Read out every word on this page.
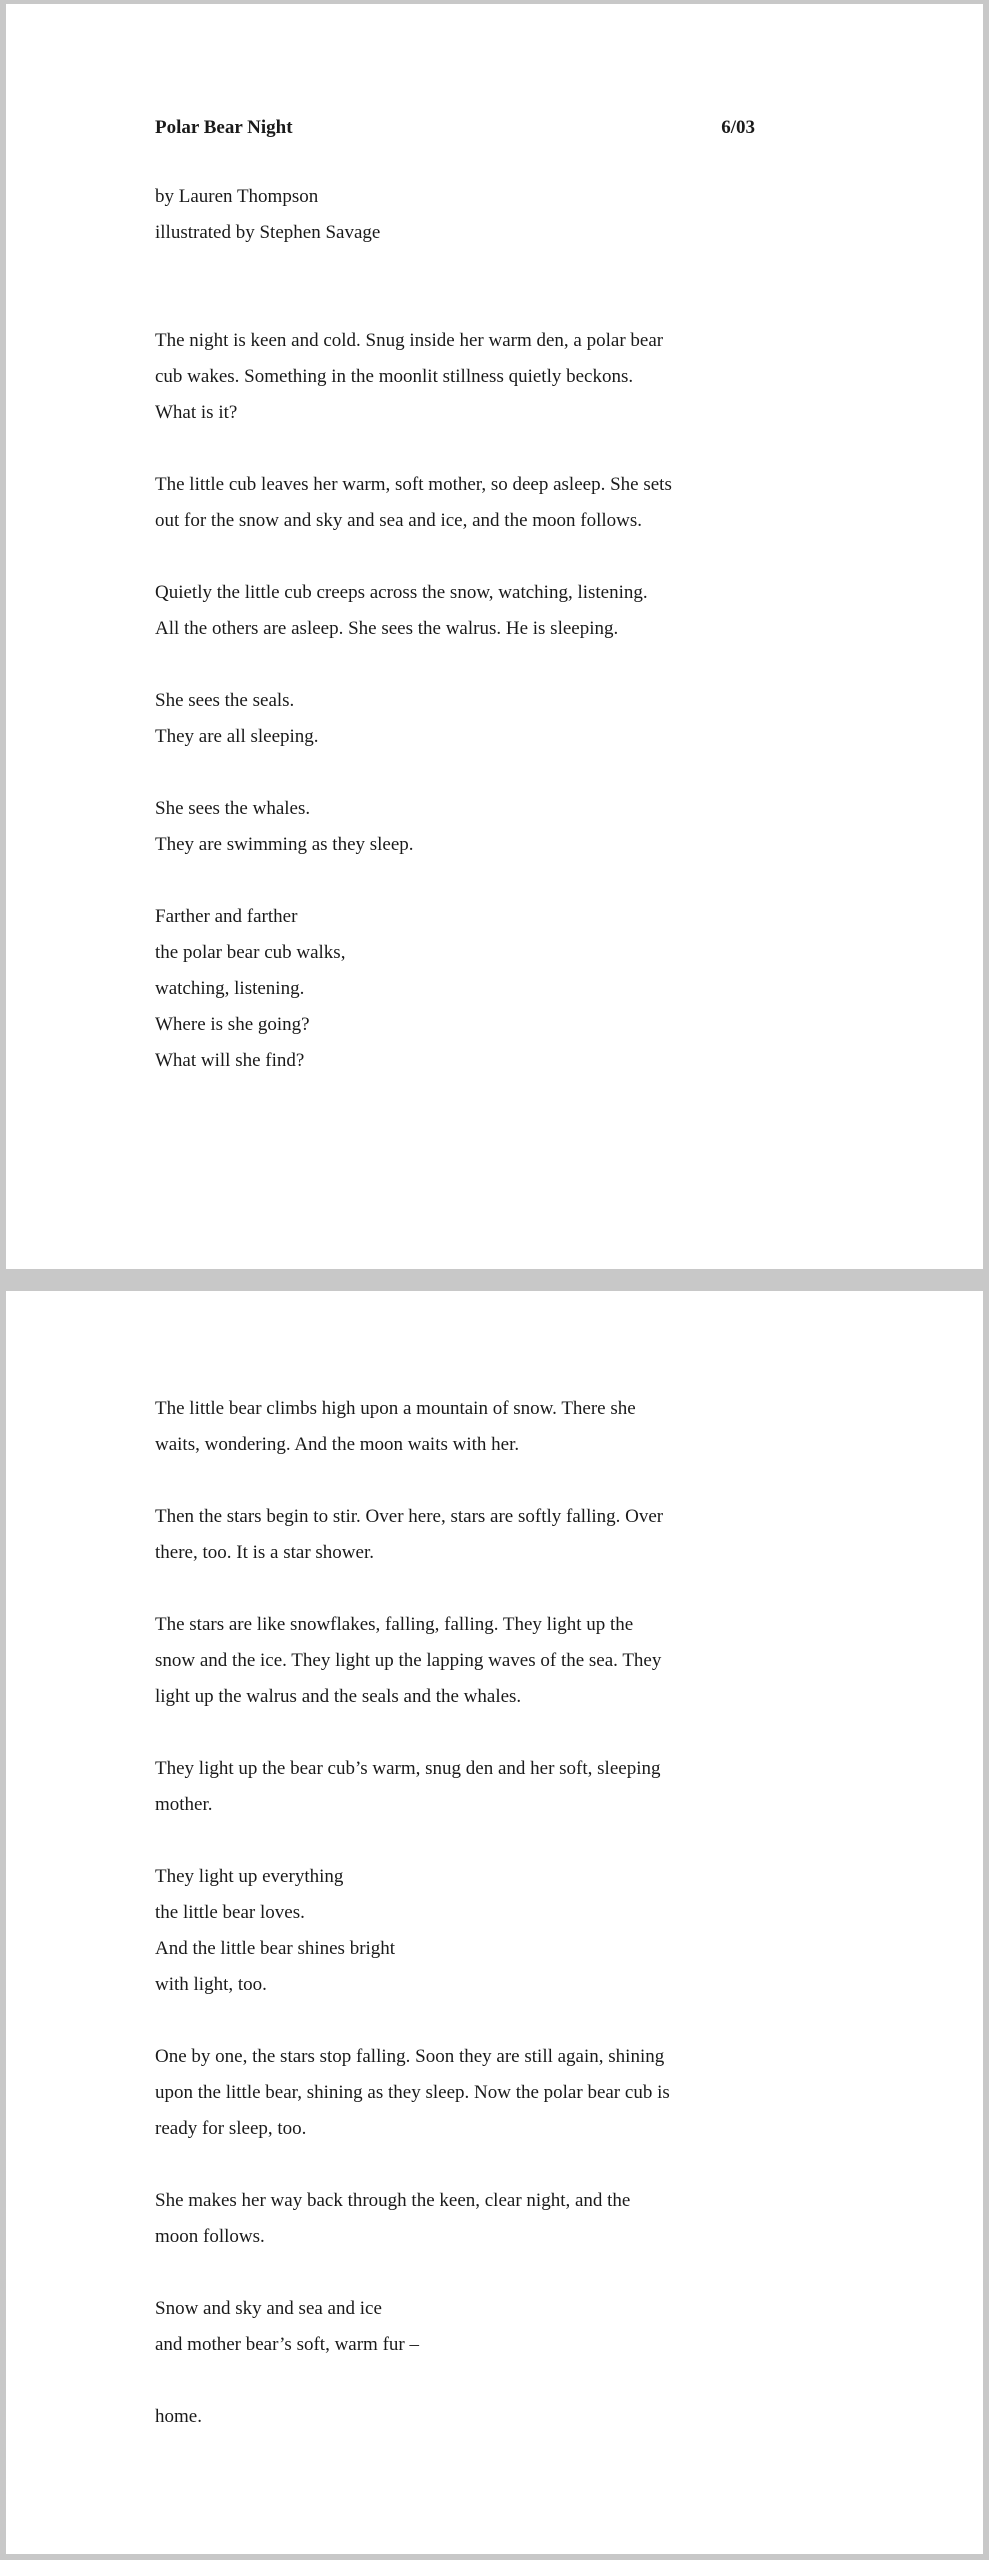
Polar Bear Night	6/03
by Lauren Thompson
illustrated by Stephen Savage
The night is keen and cold. Snug inside her warm den, a polar bear
cub wakes. Something in the moonlit stillness quietly beckons.
What is it?
The little cub leaves her warm, soft mother, so deep asleep. She sets
out for the snow and sky and sea and ice, and the moon follows.
Quietly the little cub creeps across the snow, watching, listening.
All the others are asleep. She sees the walrus. He is sleeping.
She sees the seals.
They are all sleeping.
She sees the whales.
They are swimming as they sleep.
Farther and farther
the polar bear cub walks,
watching, listening.
Where is she going?
What will she find?
The little bear climbs high upon a mountain of snow. There she
waits, wondering. And the moon waits with her.
Then the stars begin to stir. Over here, stars are softly falling. Over
there, too. It is a star shower.
The stars are like snowflakes, falling, falling. They light up the
snow and the ice. They light up the lapping waves of the sea. They
light up the walrus and the seals and the whales.
They light up the bear cub’s warm, snug den and her soft, sleeping
mother.
They light up everything
the little bear loves.
And the little bear shines bright
with light, too.
One by one, the stars stop falling. Soon they are still again, shining
upon the little bear, shining as they sleep. Now the polar bear cub is
ready for sleep, too.
She makes her way back through the keen, clear night, and the
moon follows.
Snow and sky and sea and ice
and mother bear’s soft, warm fur –
home.
